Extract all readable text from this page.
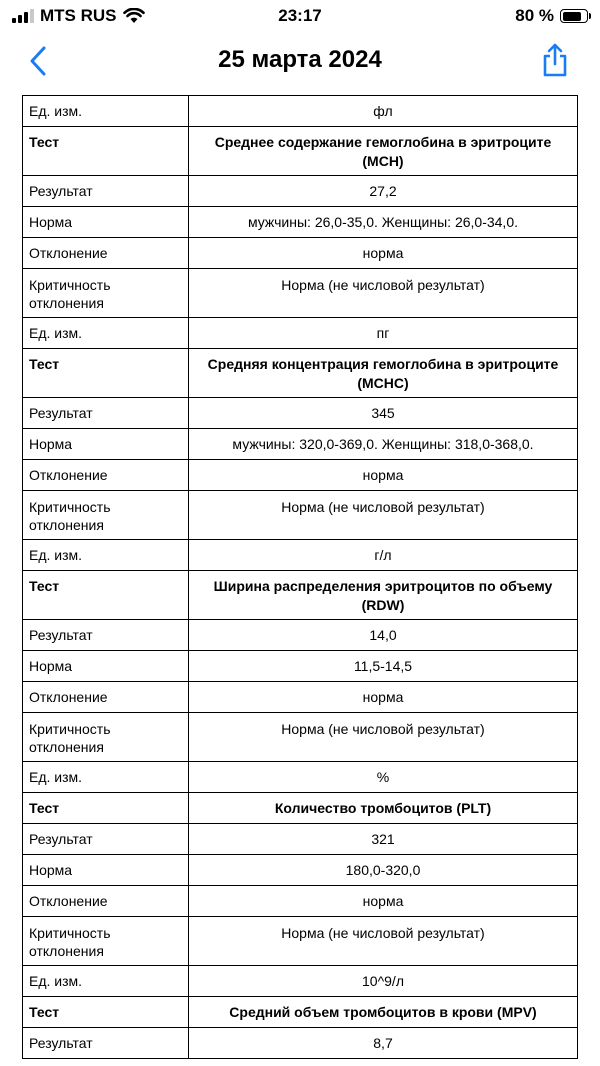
MTS RUS	23:17	80 %
25 марта 2024
Ед. изм.	фл
Тест	Среднее содержание гемоглобина в эритроците (MCH)
Результат	27,2
Норма	мужчины: 26,0-35,0. Женщины: 26,0-34,0.
Отклонение	норма
Критичность отклонения	Норма (не числовой результат)
Ед. изм.	пг
Тест	Средняя концентрация гемоглобина в эритроците (MCHC)
Результат	345
Норма	мужчины: 320,0-369,0. Женщины: 318,0-368,0.
Отклонение	норма
Критичность отклонения	Норма (не числовой результат)
Ед. изм.	г/л
Тест	Ширина распределения эритроцитов по объему (RDW)
Результат	14,0
Норма	11,5-14,5
Отклонение	норма
Критичность отклонения	Норма (не числовой результат)
Ед. изм.	%
Тест	Количество тромбоцитов (PLT)
Результат	321
Норма	180,0-320,0
Отклонение	норма
Критичность отклонения	Норма (не числовой результат)
Ед. изм.	10^9/л
Тест	Средний объем тромбоцитов в крови (MPV)
Результат	8,7
